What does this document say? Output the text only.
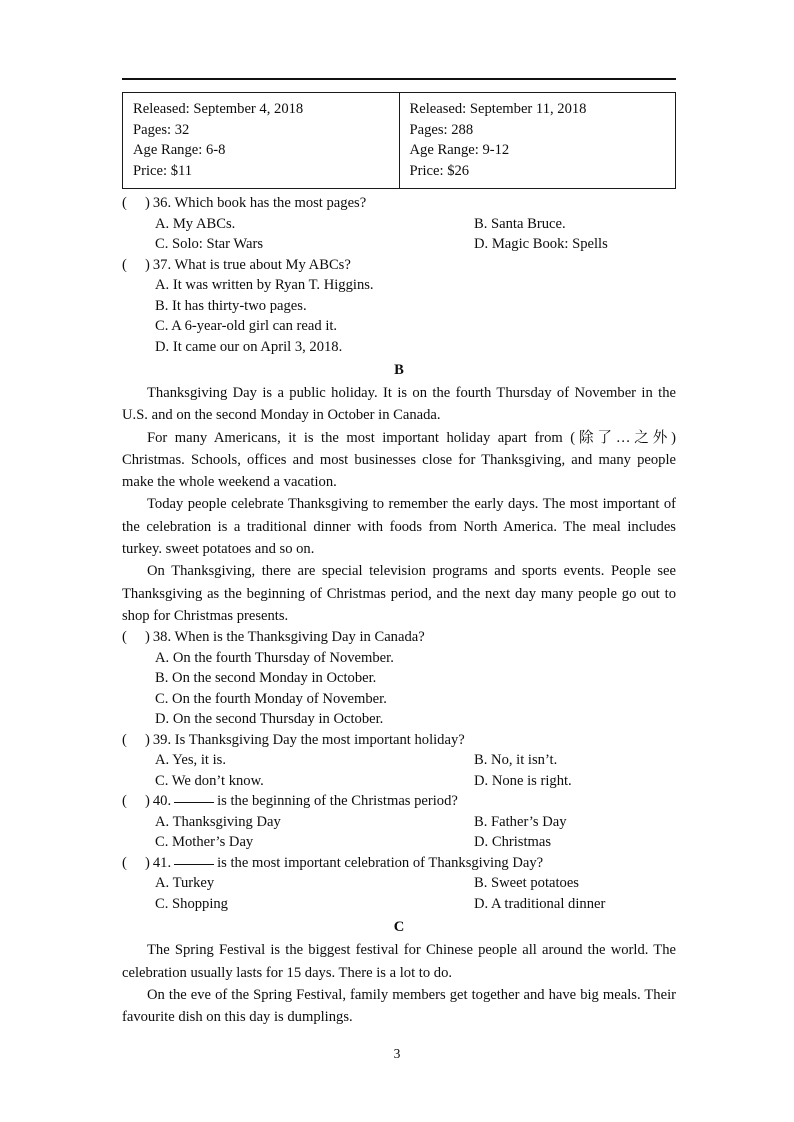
Released: September 4, 2018
Pages: 32
Age Range: 6-8
Price: $11

Released: September 11, 2018
Pages: 288
Age Range: 9-12
Price: $26
( ) 36. Which book has the most pages?
A. My ABCs.	B. Santa Bruce.
C. Solo: Star Wars	D. Magic Book: Spells
( ) 37. What is true about My ABCs?
A. It was written by Ryan T. Higgins.
B. It has thirty-two pages.
C. A 6-year-old girl can read it.
D. It came our on April 3, 2018.
B

Thanksgiving Day is a public holiday. It is on the fourth Thursday of November in the U.S. and on the second Monday in October in Canada.

For many Americans, it is the most important holiday apart from (除了…之外) Christmas. Schools, offices and most businesses close for Thanksgiving, and many people make the whole weekend a vacation.

Today people celebrate Thanksgiving to remember the early days. The most important of the celebration is a traditional dinner with foods from North America. The meal includes turkey. sweet potatoes and so on.

On Thanksgiving, there are special television programs and sports events. People see Thanksgiving as the beginning of Christmas period, and the next day many people go out to shop for Christmas presents.

( ) 38. When is the Thanksgiving Day in Canada?
A. On the fourth Thursday of November.
B. On the second Monday in October.
C. On the fourth Monday of November.
D. On the second Thursday in October.
( ) 39. Is Thanksgiving Day the most important holiday?
A. Yes, it is.	B. No, it isn’t.
C. We don’t know.	D. None is right.
( ) 40.	is the beginning of the Christmas period?
A. Thanksgiving Day	B. Father’s Day
C. Mother’s Day	D. Christmas
( ) 41.	is the most important celebration of Thanksgiving Day?
A. Turkey	B. Sweet potatoes
C. Shopping	D. A traditional dinner
C

The Spring Festival is the biggest festival for Chinese people all around the world. The celebration usually lasts for 15 days. There is a lot to do.

On the eve of the Spring Festival, family members get together and have big meals. Their favourite dish on this day is dumplings.

3
